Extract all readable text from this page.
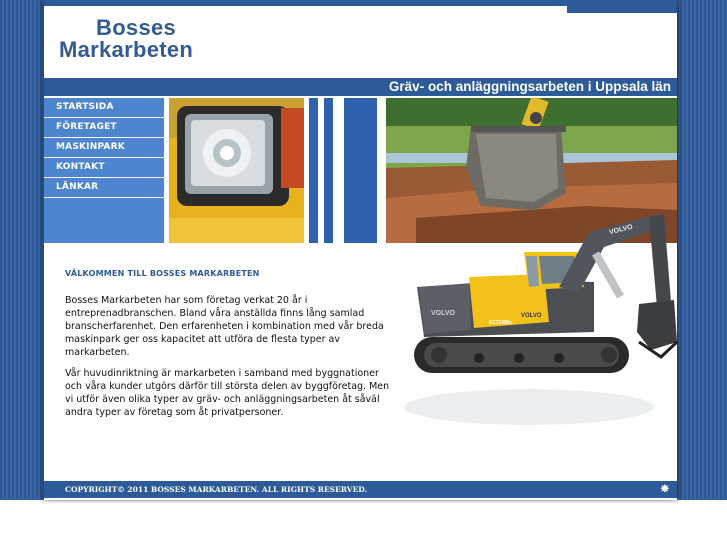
Bosses
Markarbeten
Gräv- och anläggningsarbeten i Uppsala län
STARTSIDA
FÖRETAGET
MASKINPARK
KONTAKT
LÄNKAR
VÄLKOMMEN TILL BOSSES MARKARBETEN

Bosses Markarbeten har som företag verkat 20 år i entreprenadbranschen. Bland våra anställda finns lång samlad branscherfarenhet. Den erfarenheten i kombination med vår breda maskinpark ger oss kapacitet att utföra de flesta typer av markarbeten.

Vår huvudinriktning är markarbeten i samband med byggnationer och våra kunder utgörs därför till största delen av byggföretag. Men vi utför även olika typer av gräv- och anläggningsarbeten åt såväl andra typer av företag som åt privatpersoner.

VOLVO	VOLVO
EC210Blc
VOLVO
COPYRIGHT© 2011 BOSSES MARKARBETEN. ALL RIGHTS RESERVED.	❋
